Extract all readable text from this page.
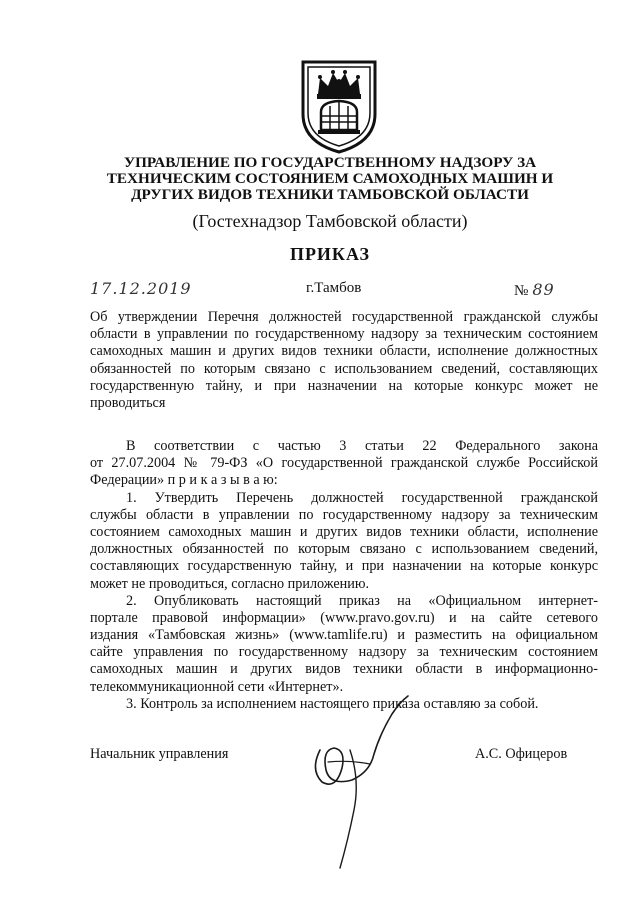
УПРАВЛЕНИЕ ПО ГОСУДАРСТВЕННОМУ НАДЗОРУ ЗА
ТЕХНИЧЕСКИМ СОСТОЯНИЕМ САМОХОДНЫХ МАШИН И
ДРУГИХ ВИДОВ ТЕХНИКИ ТАМБОВСКОЙ ОБЛАСТИ
(Гостехнадзор Тамбовской области)
ПРИКАЗ
17.12.2019	г.Тамбов	№ 89
Об утверждении Перечня должностей государственной гражданской службы области в управлении по государственному надзору за техническим состоянием самоходных машин и других видов техники области, исполнение должностных обязанностей по которым связано с использованием сведений, составляющих государственную тайну, и при назначении на которые конкурс может не проводиться
В соответствии с частью 3 статьи 22 Федерального закона
от 27.07.2004 № 79-ФЗ «О государственной гражданской службе Российской
Федерации» п р и к а з ы в а ю:
1. Утвердить Перечень должностей государственной гражданской
службы области в управлении по государственному надзору за техническим
состоянием самоходных машин и других видов техники области, исполнение
должностных обязанностей по которым связано с использованием сведений,
составляющих государственную тайну, и при назначении на которые конкурс
может не проводиться, согласно приложению.
2. Опубликовать настоящий приказ на «Официальном интернет-
портале правовой информации» (www.pravo.gov.ru) и на сайте сетевого
издания «Тамбовская жизнь» (www.tamlife.ru) и разместить на официальном
сайте управления по государственному надзору за техническим состоянием
самоходных машин и других видов техники области в информационно-
телекоммуникационной сети «Интернет».
3. Контроль за исполнением настоящего приказа оставляю за собой.
Начальник управления	А.С. Офицеров
